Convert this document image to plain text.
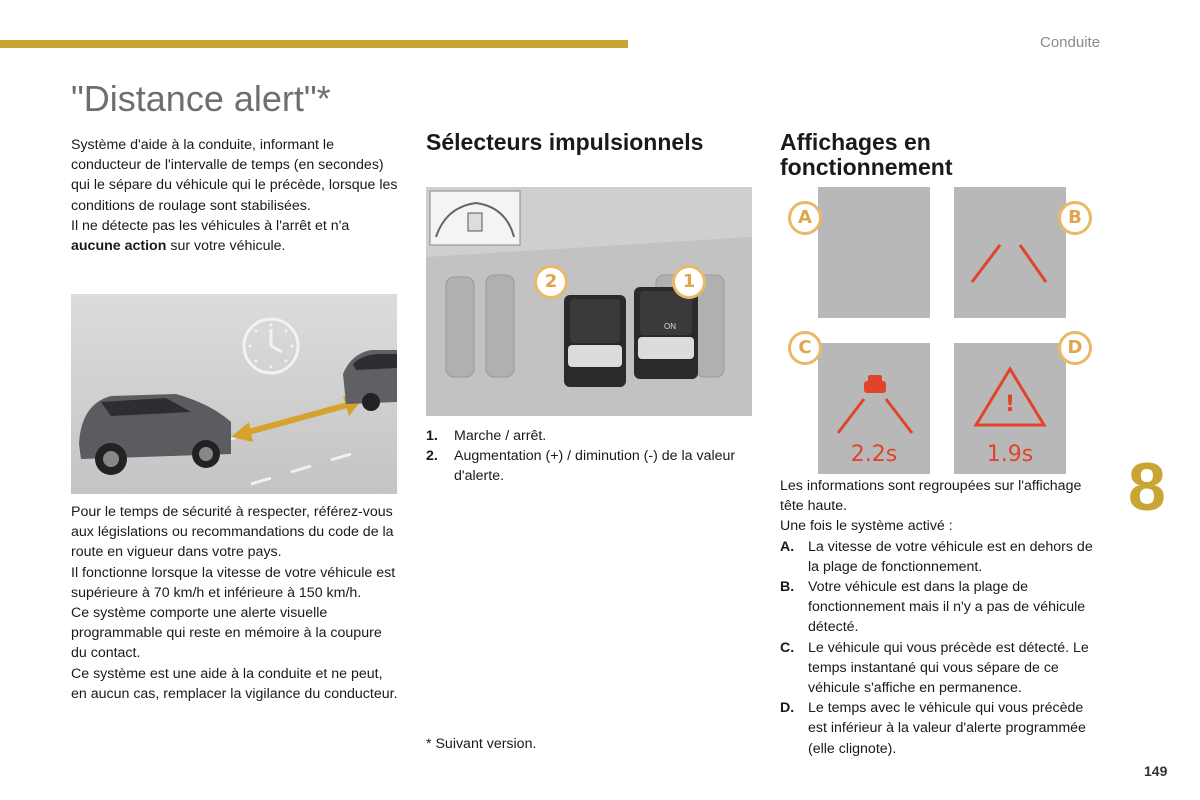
Conduite
"Distance alert"*

Système d'aide à la conduite, informant le conducteur de l'intervalle de temps (en secondes) qui le sépare du véhicule qui le précède, lorsque les conditions de roulage sont stabilisées.

Il ne détecte pas les véhicules à l'arrêt et n'a aucune action sur votre véhicule.

Pour le temps de sécurité à respecter, référez-vous aux législations ou recommandations du code de la route en vigueur dans votre pays.

Il fonctionne lorsque la vitesse de votre véhicule est supérieure à 70 km/h et inférieure à 150 km/h.

Ce système comporte une alerte visuelle programmable qui reste en mémoire à la coupure du contact.

Ce système est une aide à la conduite et ne peut, en aucun cas, remplacer la vigilance du conducteur.

Sélecteurs impulsionnels
ON
2	1
1. Marche / arrêt.
2. Augmentation (+) / diminution (-) de la valeur d'alerte.
* Suivant version.
Affichages en fonctionnement
2.2s
!
1.9s
A	B
C	D

Les informations sont regroupées sur l'affichage tête haute.

Une fois le système activé :

A. La vitesse de votre véhicule est en dehors de la plage de fonctionnement.
B. Votre véhicule est dans la plage de fonctionnement mais il n'y a pas de véhicule détecté.
C. Le véhicule qui vous précède est détecté. Le temps instantané qui vous sépare de ce véhicule s'affiche en permanence.
D. Le temps avec le véhicule qui vous précède est inférieur à la valeur d'alerte programmée (elle clignote).
8
149
